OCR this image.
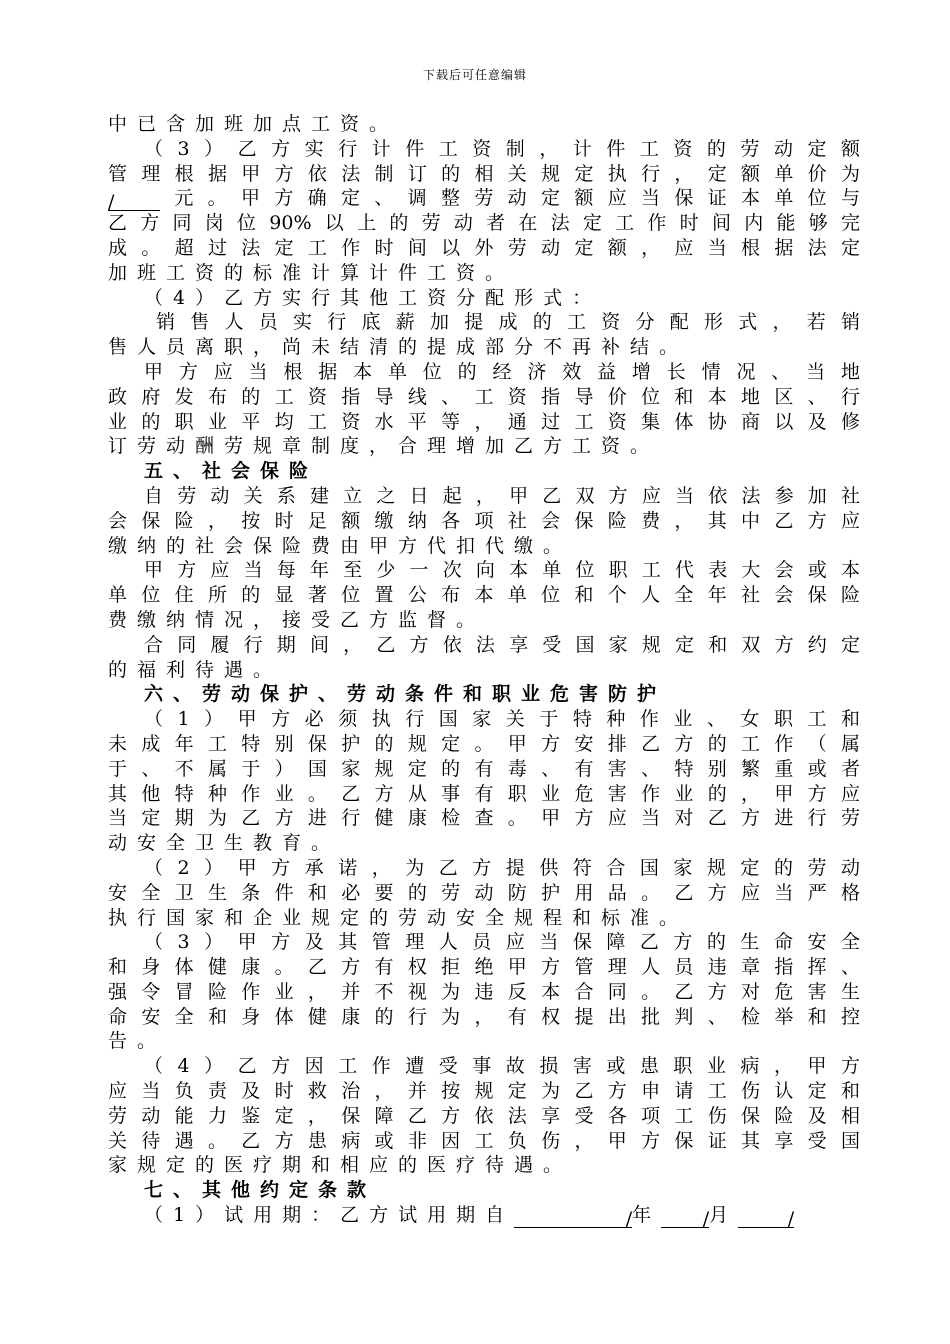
下载后可任意编辑
中已含加班加点工资。
（3）乙方实行计件工资制，计件工资的劳动定额
管理根据甲方依法制订的相关规定执行，定额单价为
/ 元。甲方确定、调整劳动定额应当保证本单位与
乙方同岗位90%以上的劳动者在法定工作时间内能够完
成。超过法定工作时间以外劳动定额，应当根据法定
加班工资的标准计算计件工资。
（4）乙方实行其他工资分配形式：
销售人员实行底薪加提成的工资分配形式，若销
售人员离职，尚未结清的提成部分不再补结。
甲方应当根据本单位的经济效益增长情况、当地
政府发布的工资指导线、工资指导价位和本地区、行
业的职业平均工资水平等，通过工资集体协商以及修
订劳动酬劳规章制度，合理增加乙方工资。
五、社会保险
自劳动关系建立之日起，甲乙双方应当依法参加社
会保险，按时足额缴纳各项社会保险费，其中乙方应
缴纳的社会保险费由甲方代扣代缴。
甲方应当每年至少一次向本单位职工代表大会或本
单位住所的显著位置公布本单位和个人全年社会保险
费缴纳情况，接受乙方监督。
合同履行期间，乙方依法享受国家规定和双方约定
的福利待遇。
六、劳动保护、劳动条件和职业危害防护
（1）甲方必须执行国家关于特种作业、女职工和
未成年工特别保护的规定。甲方安排乙方的工作（属
于、不属于）国家规定的有毒、有害、特别繁重或者
其他特种作业。乙方从事有职业危害作业的，甲方应
当定期为乙方进行健康检查。甲方应当对乙方进行劳
动安全卫生教育。
（2）甲方承诺，为乙方提供符合国家规定的劳动
安全卫生条件和必要的劳动防护用品。乙方应当严格
执行国家和企业规定的劳动安全规程和标准。
（3）甲方及其管理人员应当保障乙方的生命安全
和身体健康。乙方有权拒绝甲方管理人员违章指挥、
强令冒险作业，并不视为违反本合同。乙方对危害生
命安全和身体健康的行为，有权提出批判、检举和控
告。
（4）乙方因工作遭受事故损害或患职业病，甲方
应当负责及时救治，并按规定为乙方申请工伤认定和
劳动能力鉴定，保障乙方依法享受各项工伤保险及相
关待遇。乙方患病或非因工负伤，甲方保证其享受国
家规定的医疗期和相应的医疗待遇。
七、其他约定条款
（1）试用期：乙方试用期自	/年 /月	/
